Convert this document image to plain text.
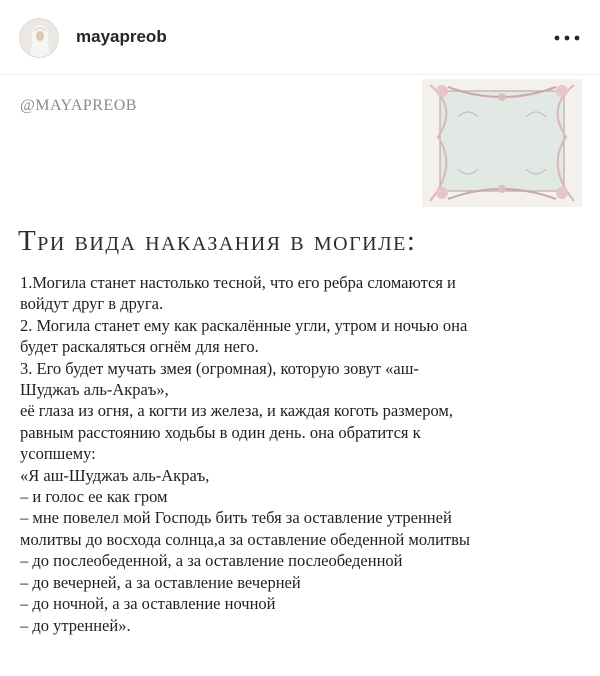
mayapreob
@MAYAPREOB
Три вида наказания в могиле:
1.Могила станет настолько тесной, что его ребра сломаются и
войдут друг в друга.
2. Могила станет ему как раскалённые угли, утром и ночью она
будет раскаляться огнём для него.
3. Его будет мучать змея (огромная), которую зовут «аш-
Шуджаъ аль-Акраъ»,
её глаза из огня, а когти из железа, и каждая коготь размером,
равным расстоянию ходьбы в один день. она обратится к
усопшему:
«Я аш-Шуджаъ аль-Акраъ,
– и голос ее как гром
– мне повелел мой Господь бить тебя за оставление утренней
молитвы до восхода солнца,а за оставление обеденной молитвы
– до послеобеденной, а за оставление послеобеденной
– до вечерней, а за оставление вечерней
– до ночной, а за оставление ночной
– до утренней».
